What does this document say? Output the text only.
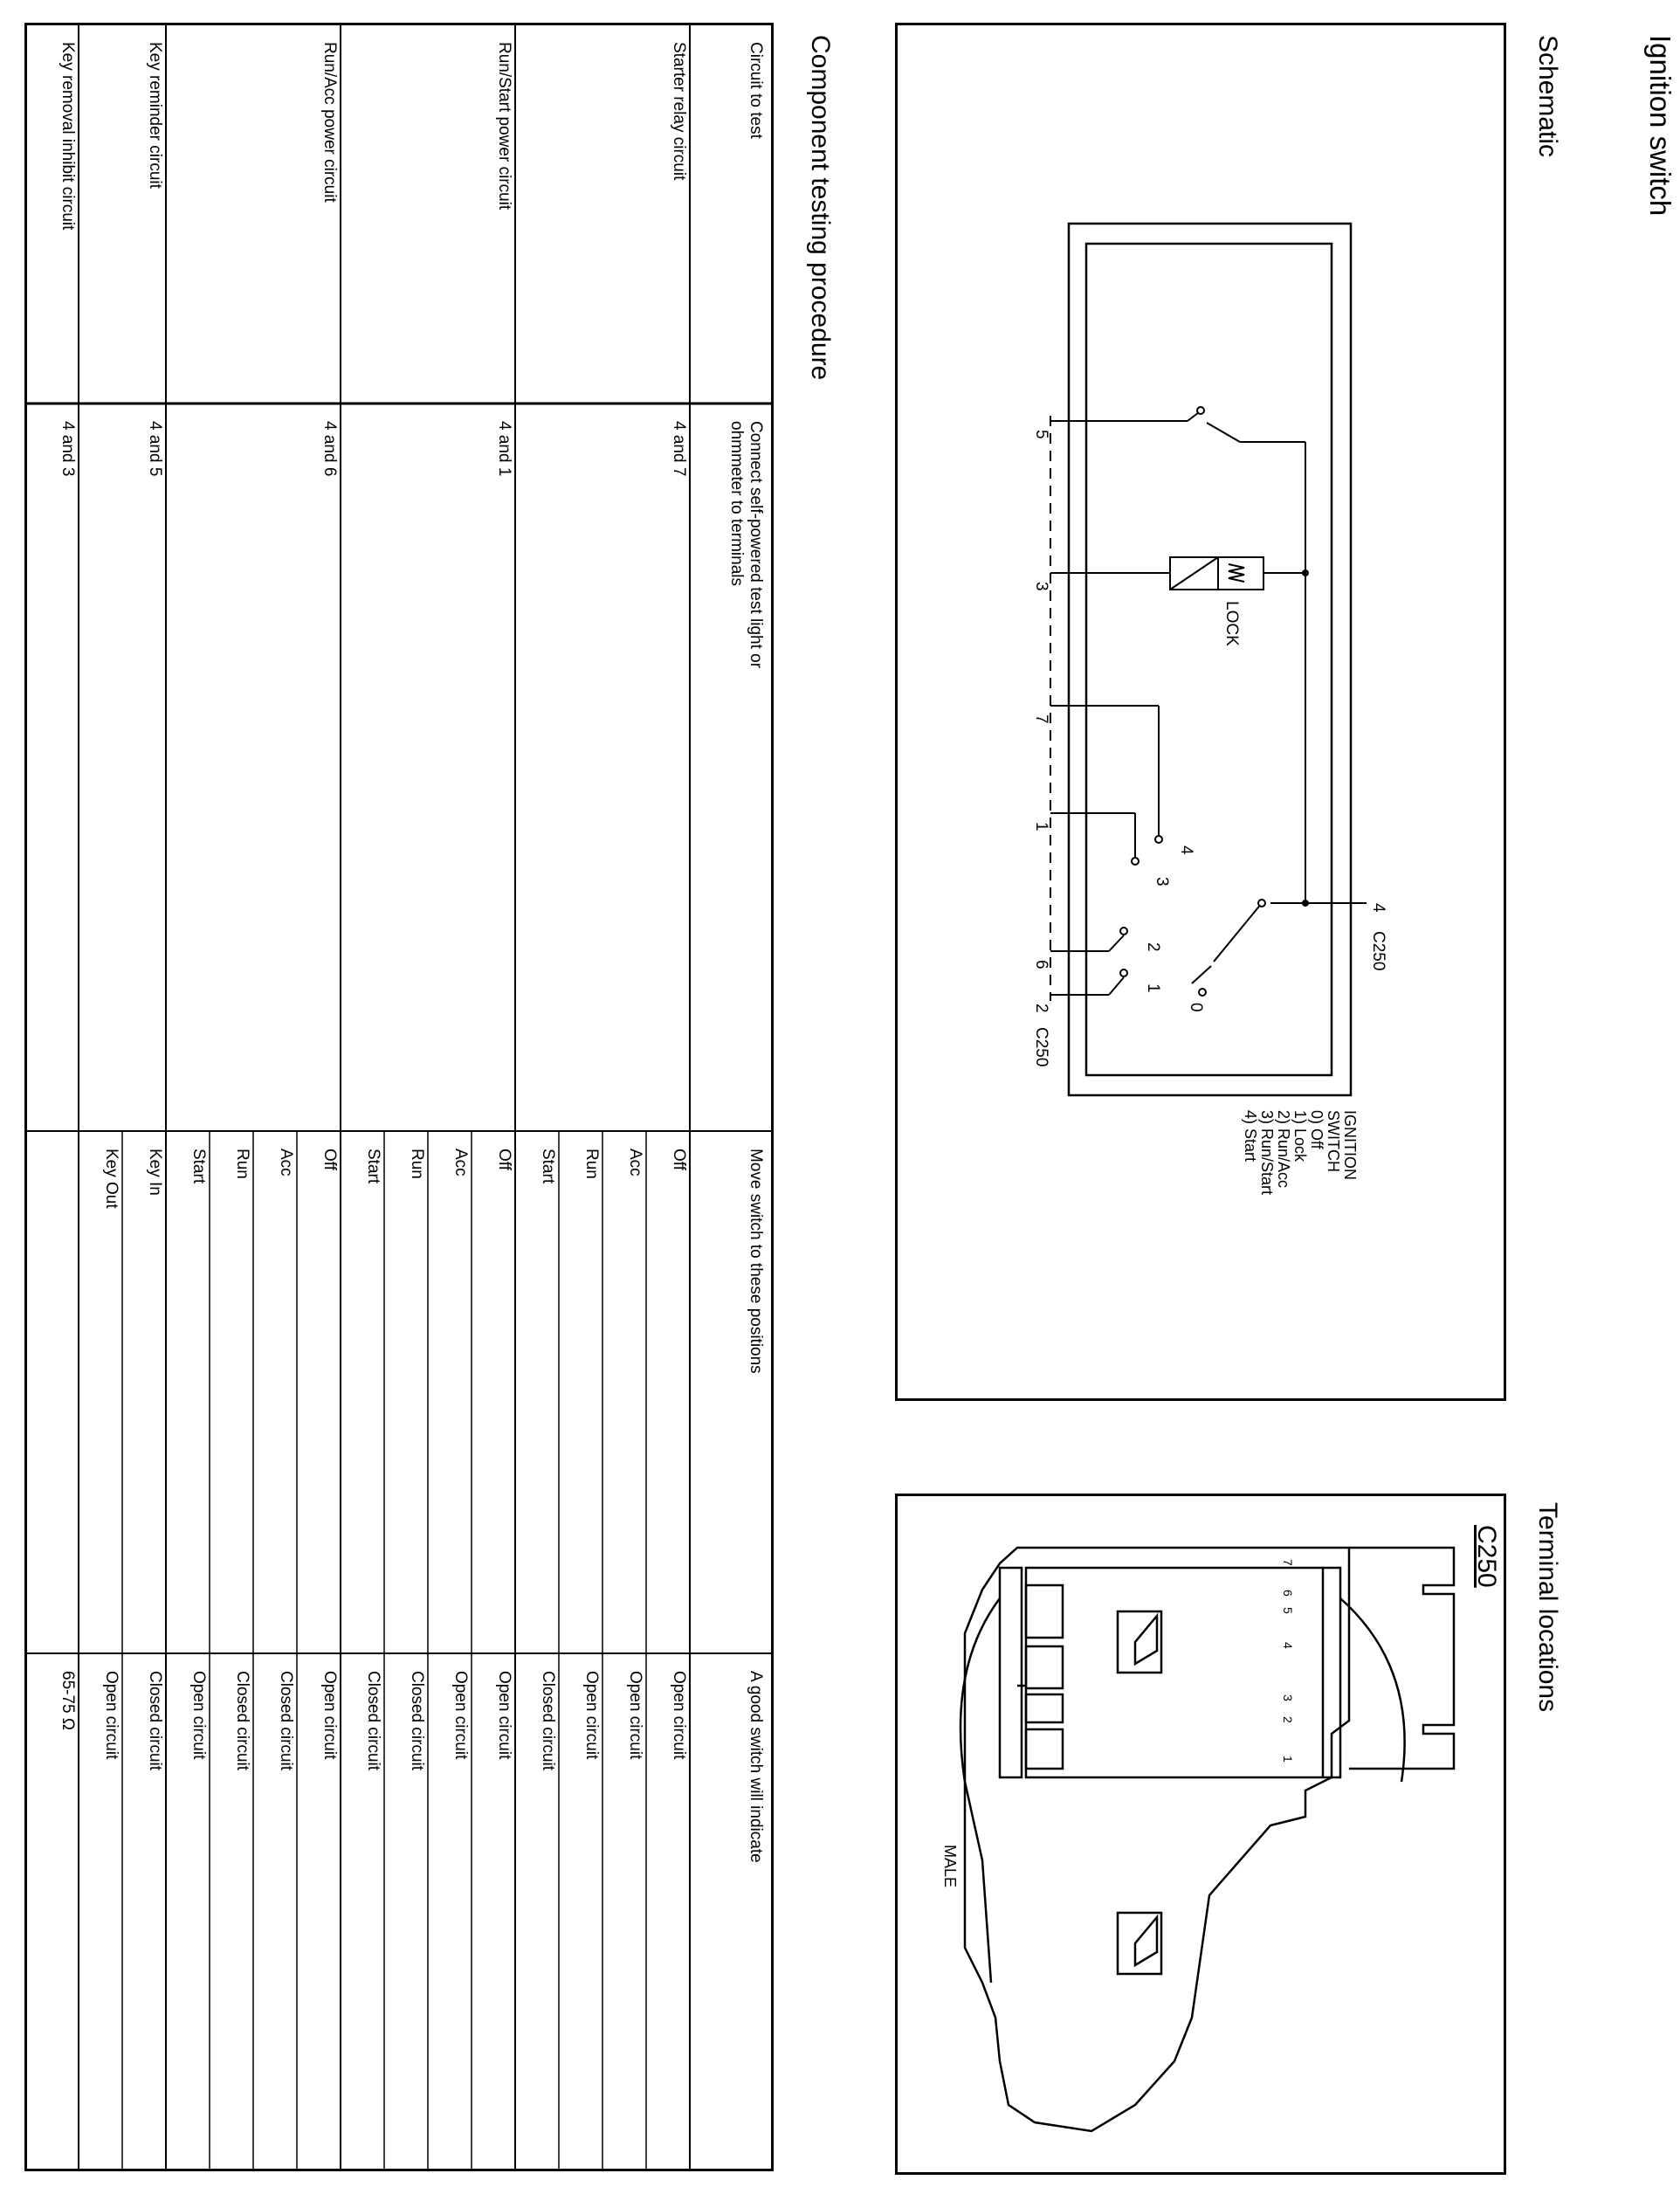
Ignition switch
Schematic
Terminal locations
Component testing procedure
5
3
7
1
6
2
C250
4
C250
LOCK
0
1
2
3
4
IGNITION
SWITCH
0) Off
1) Lock
2) Run/Acc
3) Run/Start
4) Start
C250
1
2
3
4
5
6
7
MALE
Circuit to test
Connect self-powered test light or
ohmmeter to terminals
Move switch to these positions
A good switch will indicate
Starter relay circuit
4 and 7
Off
Open circuit
Acc
Open circuit
Run
Open circuit
Start
Closed circuit
Run/Start power circuit
4 and 1
Off
Open circuit
Acc
Open circuit
Run
Closed circuit
Start
Closed circuit
Run/Acc power circuit
4 and 6
Off
Open circuit
Acc
Closed circuit
Run
Closed circuit
Start
Open circuit
Key reminder circuit
4 and 5
Key In
Closed circuit
Key Out
Open circuit
Key removal inhibit circuit
4 and 3
65-75 Ω
